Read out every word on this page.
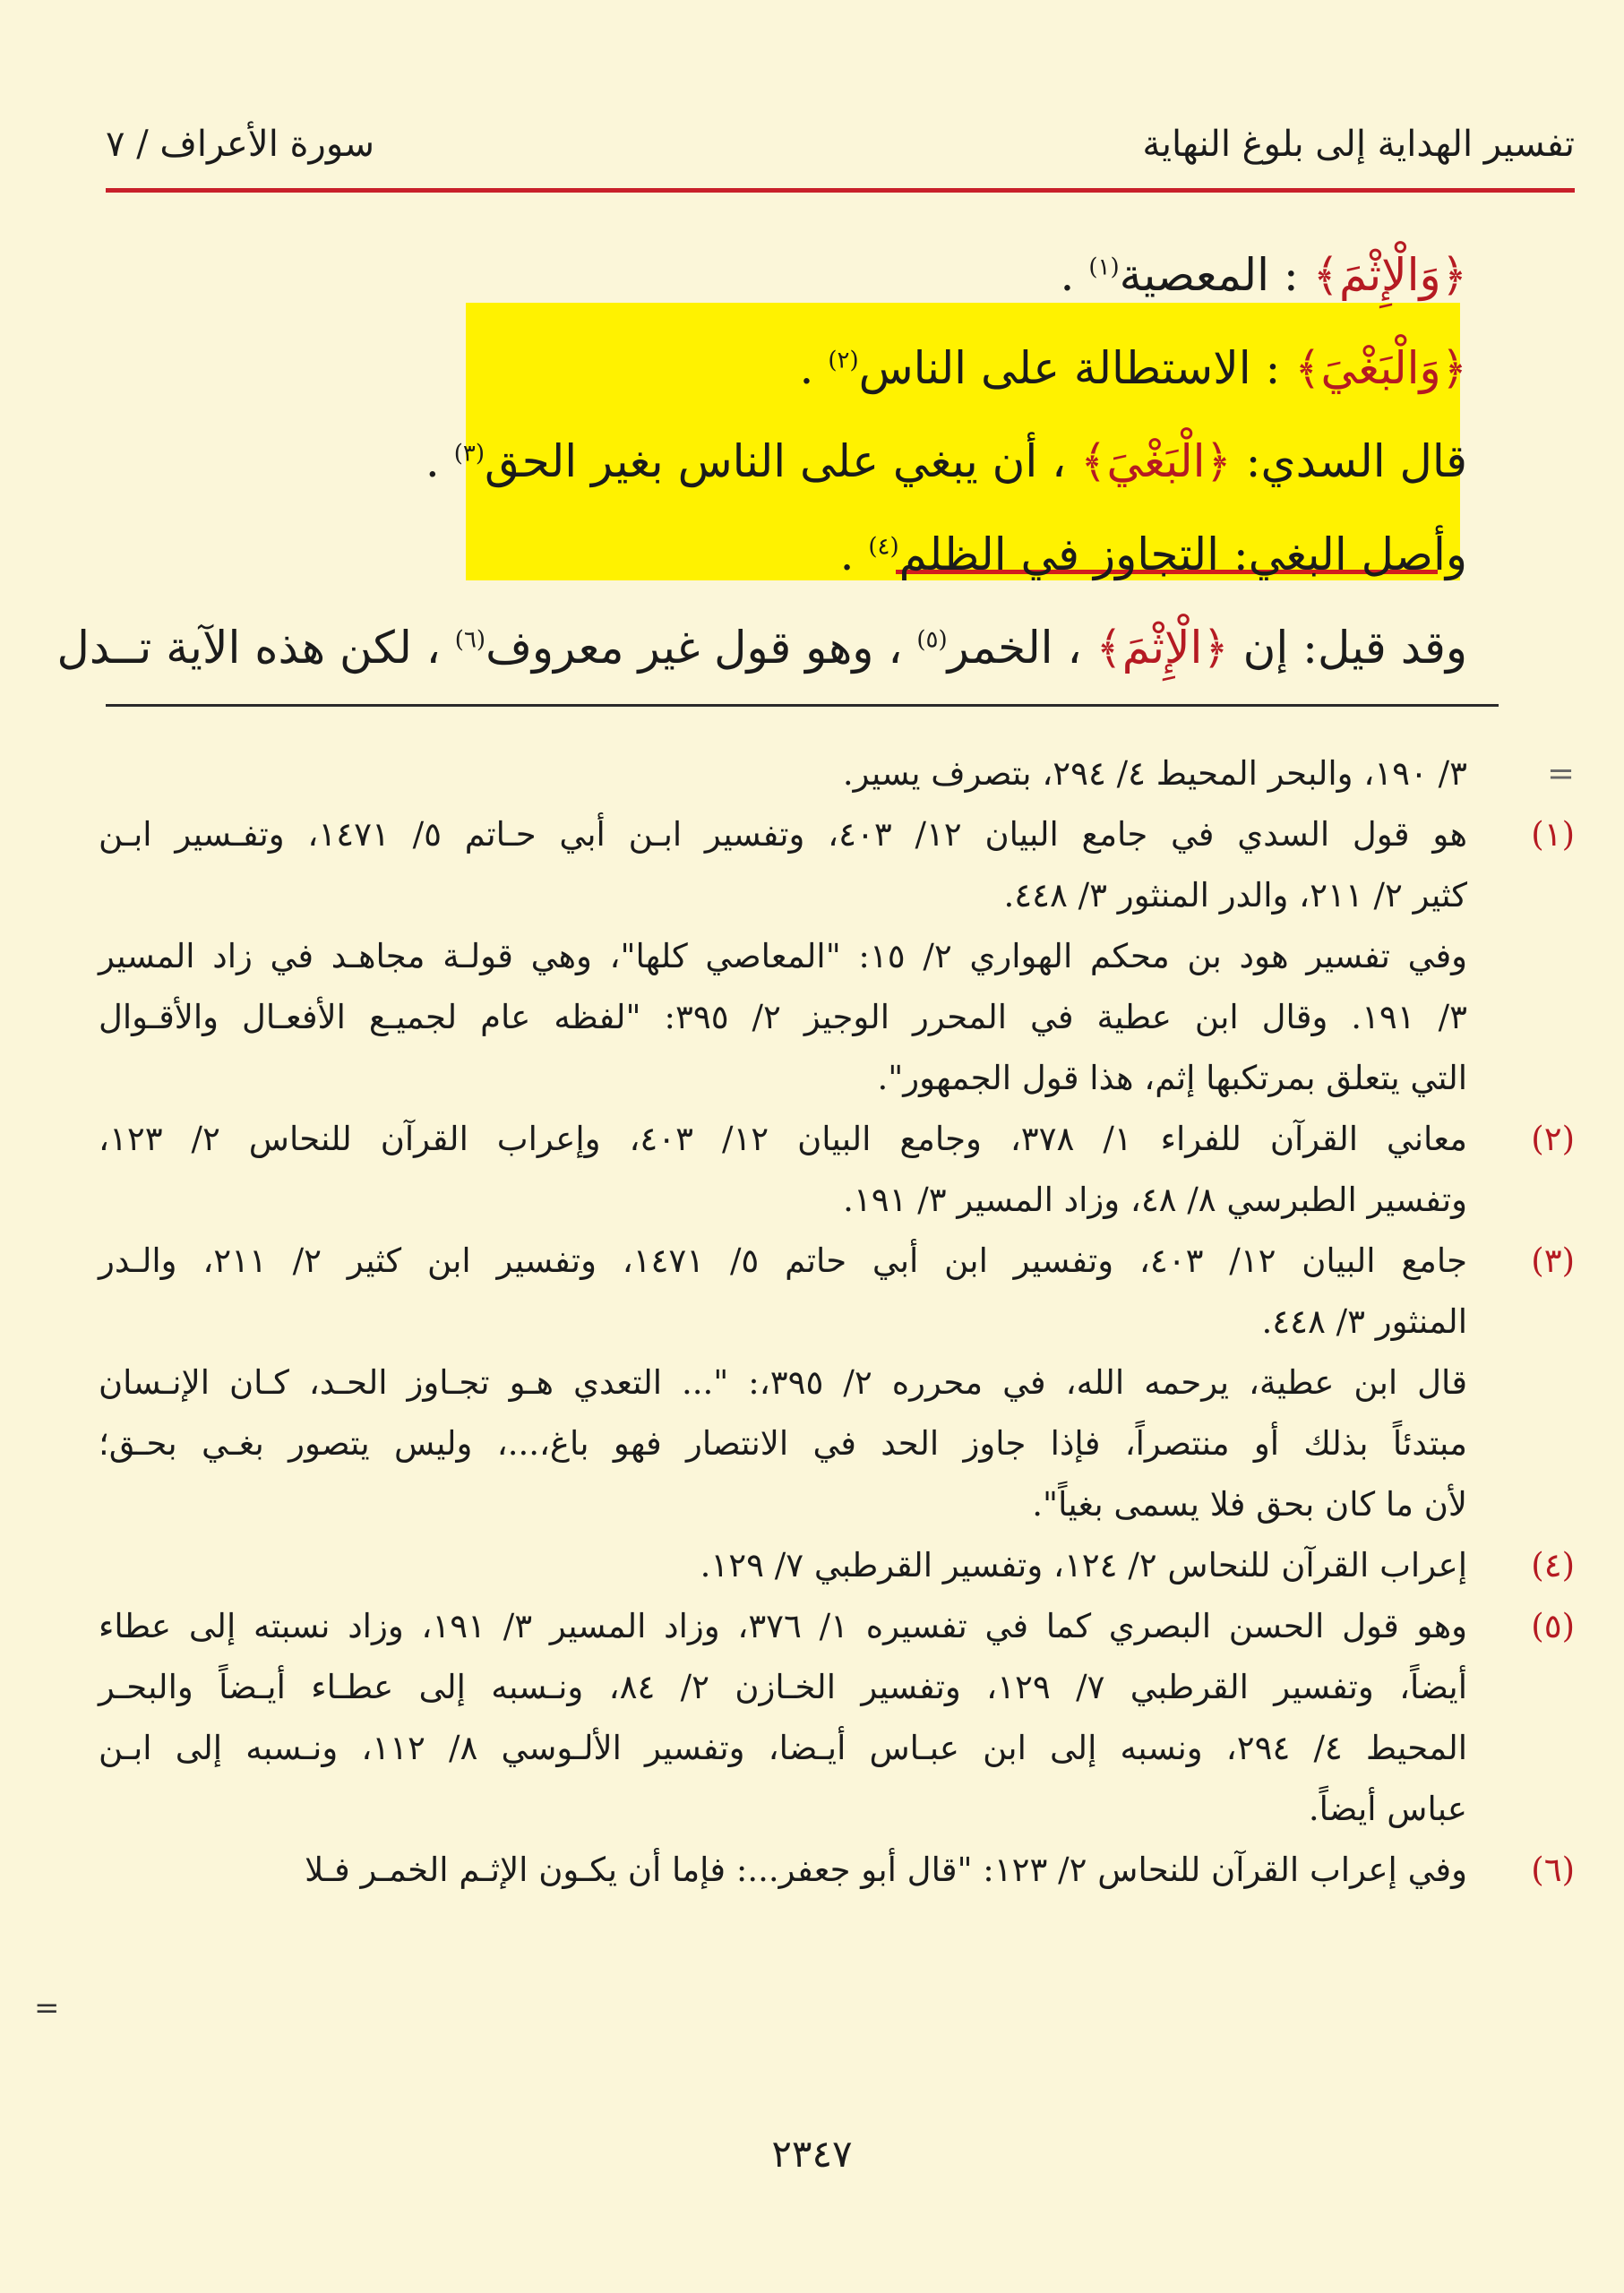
تفسير الهداية إلى بلوغ النهاية
سورة الأعراف / ٧
﴿وَالْإِثْمَ﴾ : المعصية$^{(١)}$ .
﴿وَالْبَغْيَ﴾ : الاستطالة على الناس$^{(٢)}$ .
قال السدي: ﴿الْبَغْيَ﴾ ، أن يبغي على الناس بغير الحق$^{(٣)}$ .
وأصل البغي: التجاوز في الظلم$^{(٤)}$ .
وقد قيل: إن ﴿الْإِثْمَ﴾ ، الخمر$^{(٥)}$ ، وهو قول غير معروف$^{(٦)}$ ، لكن هذه الآية تــدل
=
٣/ ١٩٠، والبحر المحيط ٤/ ٢٩٤، بتصرف يسير.
(١)
هو قول السدي في جامع البيان ١٢/ ٤٠٣، وتفسير ابـن أبي حـاتم ٥/ ١٤٧١، وتفـسير ابـن
كثير ٢/ ٢١١، والدر المنثور ٣/ ٤٤٨.
وفي تفسير هود بن محكم الهواري ٢/ ١٥: "المعاصي كلها"، وهي قولـة مجاهـد في زاد المسير
٣/ ١٩١. وقال ابن عطية في المحرر الوجيز ٢/ ٣٩٥: "لفظه عام لجميـع الأفعـال والأقـوال
التي يتعلق بمرتكبها إثم، هذا قول الجمهور".
(٢)
معاني القرآن للفراء ١/ ٣٧٨، وجامع البيان ١٢/ ٤٠٣، وإعراب القرآن للنحاس ٢/ ١٢٣،
وتفسير الطبرسي ٨/ ٤٨، وزاد المسير ٣/ ١٩١.
(٣)
جامع البيان ١٢/ ٤٠٣، وتفسير ابن أبي حاتم ٥/ ١٤٧١، وتفسير ابن كثير ٢/ ٢١١، والـدر
المنثور ٣/ ٤٤٨.
قال ابن عطية، يرحمه الله، في محرره ٢/ ٣٩٥،: "... التعدي هـو تجـاوز الحـد، كـان الإنـسان
مبتدئاً بذلك أو منتصراً، فإذا جاوز الحد في الانتصار فهو باغ،...، وليس يتصور بغـي بحـق؛
لأن ما كان بحق فلا يسمى بغياً".
(٤)
إعراب القرآن للنحاس ٢/ ١٢٤، وتفسير القرطبي ٧/ ١٢٩.
(٥)
وهو قول الحسن البصري كما في تفسيره ١/ ٣٧٦، وزاد المسير ٣/ ١٩١، وزاد نسبته إلى عطاء
أيضاً، وتفسير القرطبي ٧/ ١٢٩، وتفسير الخـازن ٢/ ٨٤، ونـسبه إلى عطـاء أيـضاً والبحـر
المحيط ٤/ ٢٩٤، ونسبه إلى ابن عبـاس أيـضا، وتفسير الألـوسي ٨/ ١١٢، ونـسبه إلى ابـن
عباس أيضاً.
(٦)
وفي إعراب القرآن للنحاس ٢/ ١٢٣: "قال أبو جعفر...: فإما أن يكـون الإثـم الخمـر فـلا
=
٢٣٤٧
